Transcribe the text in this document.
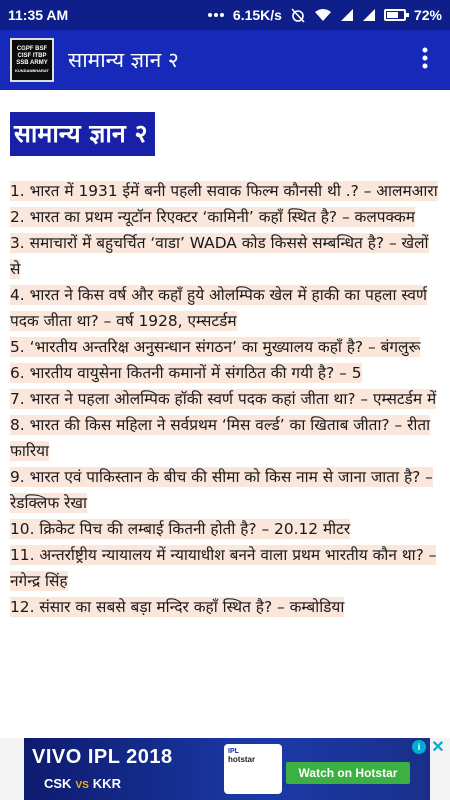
11:35 AM	6.15K/s	72%
CGPF BSF
CISF ITBP
SSB ARMY
KUNDANBHARAT सामान्य ज्ञान २
सामान्य ज्ञान २
1. भारत में 1931 ईमें बनी पहली सवाक फिल्म कौनसी थी .? – आलमआरा
2. भारत का प्रथम न्यूटॉन रिएक्टर ‘कामिनी’ कहाँ स्थित है? – कलपक्कम
3. समाचारों में बहुचर्चित ‘वाडा’ WADA कोड किससे सम्बन्धित है? – खेलों से
4. भारत ने किस वर्ष और कहाँ हुये ओलम्पिक खेल में हाकी का पहला स्वर्ण पदक जीता था? – वर्ष 1928, एम्सटर्डम
5. ‘भारतीय अन्तरिक्ष अनुसन्धान संगठन’ का मुख्यालय कहाँ है? – बंगलुरू
6. भारतीय वायुसेना कितनी कमानों में संगठित की गयी है? – 5
7. भारत ने पहला ओलम्पिक हॉकी स्वर्ण पदक कहां जीता था? – एम्सटर्डम में
8. भारत की किस महिला ने सर्वप्रथम ‘मिस वर्ल्ड’ का खिताब जीता? – रीता फारिया
9. भारत एवं पाकिस्तान के बीच की सीमा को किस नाम से जाना जाता है? – रेडक्लिफ रेखा
10. क्रिकेट पिच की लम्बाई कितनी होती है? – 20.12 मीटर
11. अन्तर्राष्ट्रीय न्यायालय में न्यायाधीश बनने वाला प्रथम भारतीय कौन था? – नगेन्द्र सिंह
12. संसार का सबसे बड़ा मन्दिर कहाँ स्थित है? – कम्बोडिया
VIVO IPL 2018
CSK VS KKR
IPL
hotstar
Watch on Hotstar
i ✕
